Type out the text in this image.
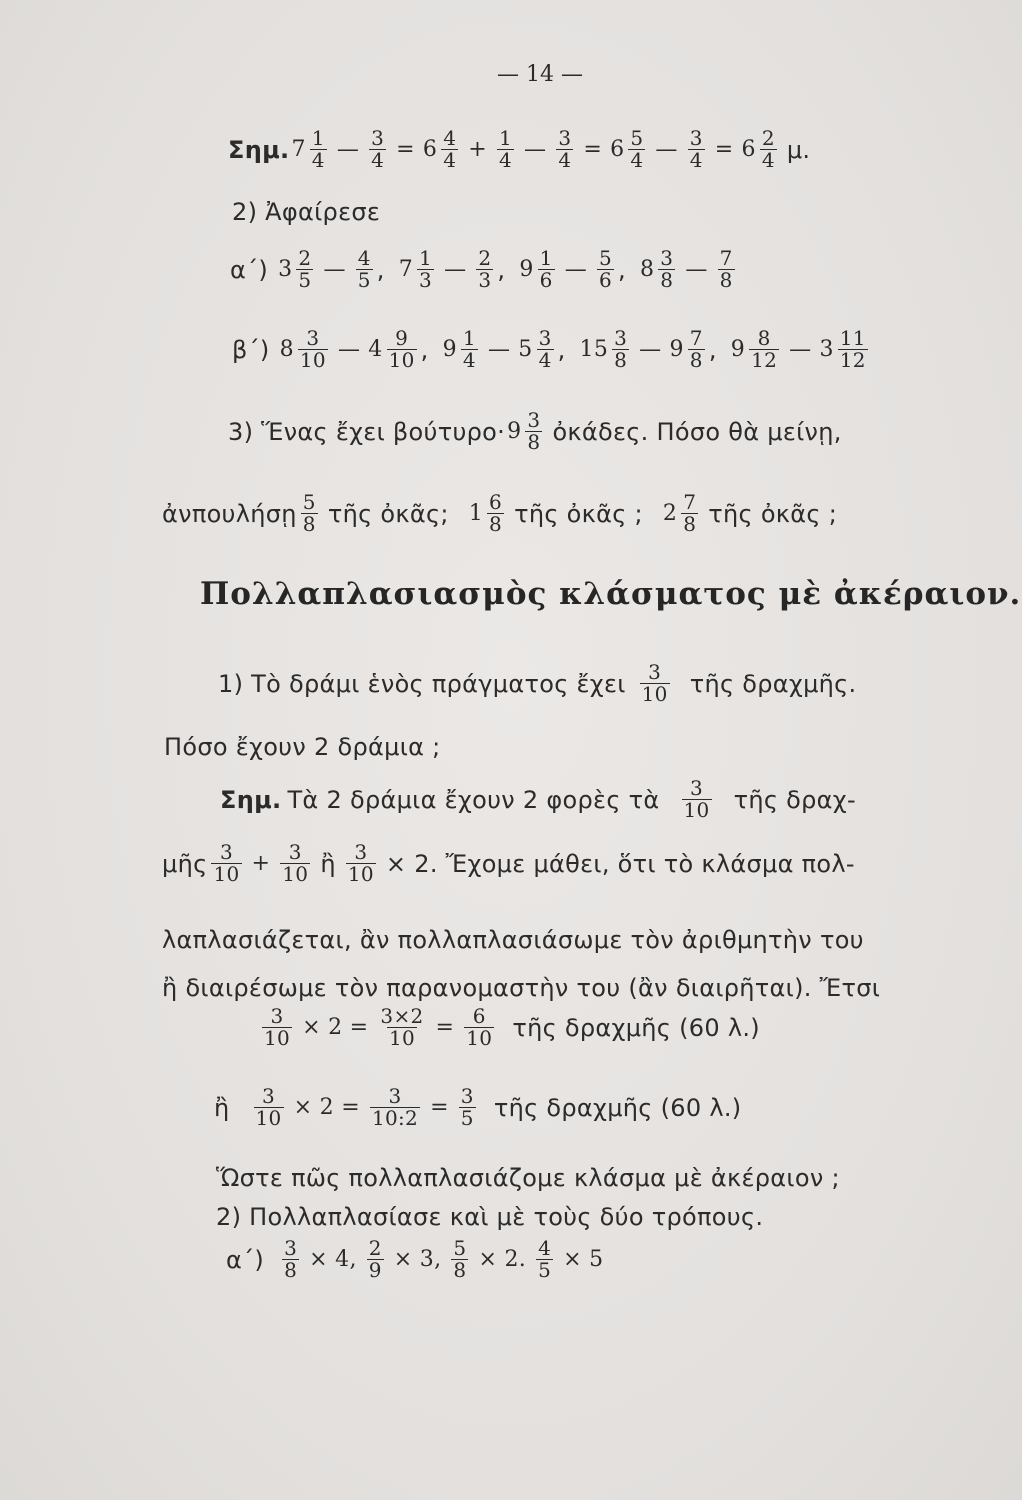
— 14 —
Σημ. $7 \frac{1}{4}$ — $\frac{3}{4} = 6 \frac{4}{4} + \frac{1}{4}$ — $\frac{3}{4} = 6 \frac{5}{4}$ — $\frac{3}{4} = 6 \frac{2}{4} \mu$.
2) Ἀφαίρεσε
α΄) $3 \frac{2}{5}$ — $\frac{4}{5}$ , $7 \frac{1}{3}$ — $\frac{2}{3}$ , $9 \frac{1}{6}$ — $\frac{5}{6}$ , $8 \frac{3}{8}$ — $\frac{7}{8}$
β΄) $8 \frac{3}{10}$ — $4 \frac{9}{10}$ , $9 \frac{1}{4}$ — $5 \frac{3}{4}$ , $15 \frac{3}{8}$ — $9 \frac{7}{8}$ , $9 \frac{8}{12}$ — $3 \frac{11}{12}$
3) Ἕνας ἔχει $\beta oύ\tau\upsilon\rho o\cdot 9 \frac{3}{8}$ ὀκάδες. Πόσο θὰ μείνῃ,
ἀνπουλήσῃ $\frac{5}{8}$ τῆς ὀκᾶς; $1 \frac{6}{8}$ τῆς ὀκᾶς ; $2 \frac{7}{8}$ τῆς ὀκᾶς ;
Πολλαπλασιασμὸς κλάσματος μὲ ἀκέραιον.
1) Τὸ δράμι ἑνὸς πράγματος ἔχει $\frac{3}{10}$ τῆς δραχμῆς.
Πόσο ἔχουν 2 δράμια ;
Σημ. Τὰ 2 δράμια ἔχουν 2 φορὲς τὰ $\frac{3}{10}$ τῆς δραχ-
μῆς $\frac{3}{10} + \frac{3}{10}$ ἢ $\frac{3}{10} \times 2$. Ἔχομε μάθει, ὅτι τὸ κλάσμα πολ-
λαπλασιάζεται, ἂν πολλαπλασιάσωμε τὸν ἀριθμητὴν του
ἢ διαιρέσωμε τὸν παρανομαστὴν του (ἂν διαιρῆται). Ἔτσι
$\frac{3}{10} \times 2 = \frac{3\times 2}{10} = \frac{6}{10}$ τῆς δραχμῆς (60 λ.)
ἢ $\frac{3}{10} \times 2 = \frac{3}{10:2} = \frac{3}{5}$ τῆς δραχμῆς (60 λ.)
Ὥστε πῶς πολλαπλασιάζομε κλάσμα μὲ ἀκέραιον ;
2) Πολλαπλασίασε καὶ μὲ τοὺς δύο τρόπους.
$\alpha΄) \frac{3}{8} \times 4$, $\frac{2}{9} \times 3$, $\frac{5}{8} \times 2$. $\frac{4}{5} \times 5$
